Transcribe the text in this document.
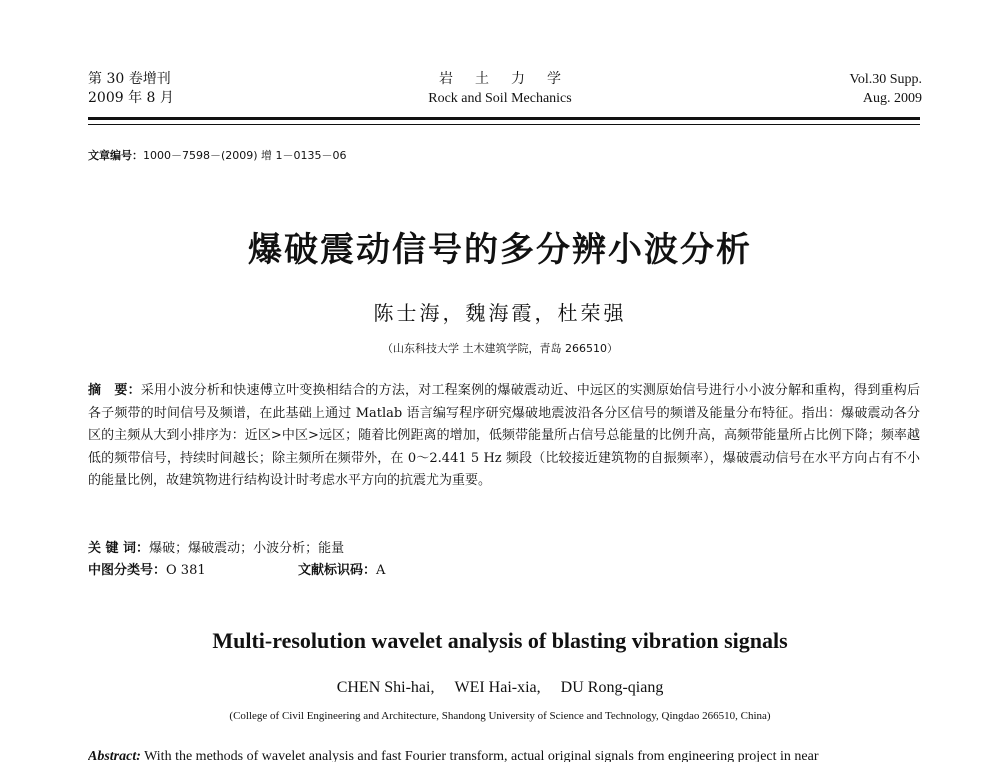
第 30 卷增刊
2009 年 8 月
岩土力学
Rock and Soil Mechanics
Vol.30 Supp.
Aug. 2009
文章编号：1000－7598－(2009) 增 1－0135－06
爆破震动信号的多分辨小波分析
陈士海，魏海霞，杜荣强
（山东科技大学 土木建筑学院，青岛 266510）
摘　要：采用小波分析和快速傅立叶变换相结合的方法，对工程案例的爆破震动近、中远区的实测原始信号进行小小波分解和重构，得到重构后各子频带的时间信号及频谱，在此基础上通过 Matlab 语言编写程序研究爆破地震波沿各分区信号的频谱及能量分布特征。指出：爆破震动各分区的主频从大到小排序为：近区>中区>远区；随着比例距离的增加，低频带能量所占信号总能量的比例升高，高频带能量所占比例下降；频率越低的频带信号，持续时间越长；除主频所在频带外，在 0～2.441 5 Hz 频段（比较接近建筑物的自振频率），爆破震动信号在水平方向占有不小的能量比例，故建筑物进行结构设计时考虑水平方向的抗震尤为重要。
关 键 词：爆破；爆破震动；小波分析；能量
中图分类号：O 381	文献标识码：A
Multi-resolution wavelet analysis of blasting vibration signals
CHEN Shi-hai, WEI Hai-xia, DU Rong-qiang
(College of Civil Engineering and Architecture, Shandong University of Science and Technology, Qingdao 266510, China)
Abstract: With the methods of wavelet analysis and fast Fourier transform, actual original signals from engineering project in near
